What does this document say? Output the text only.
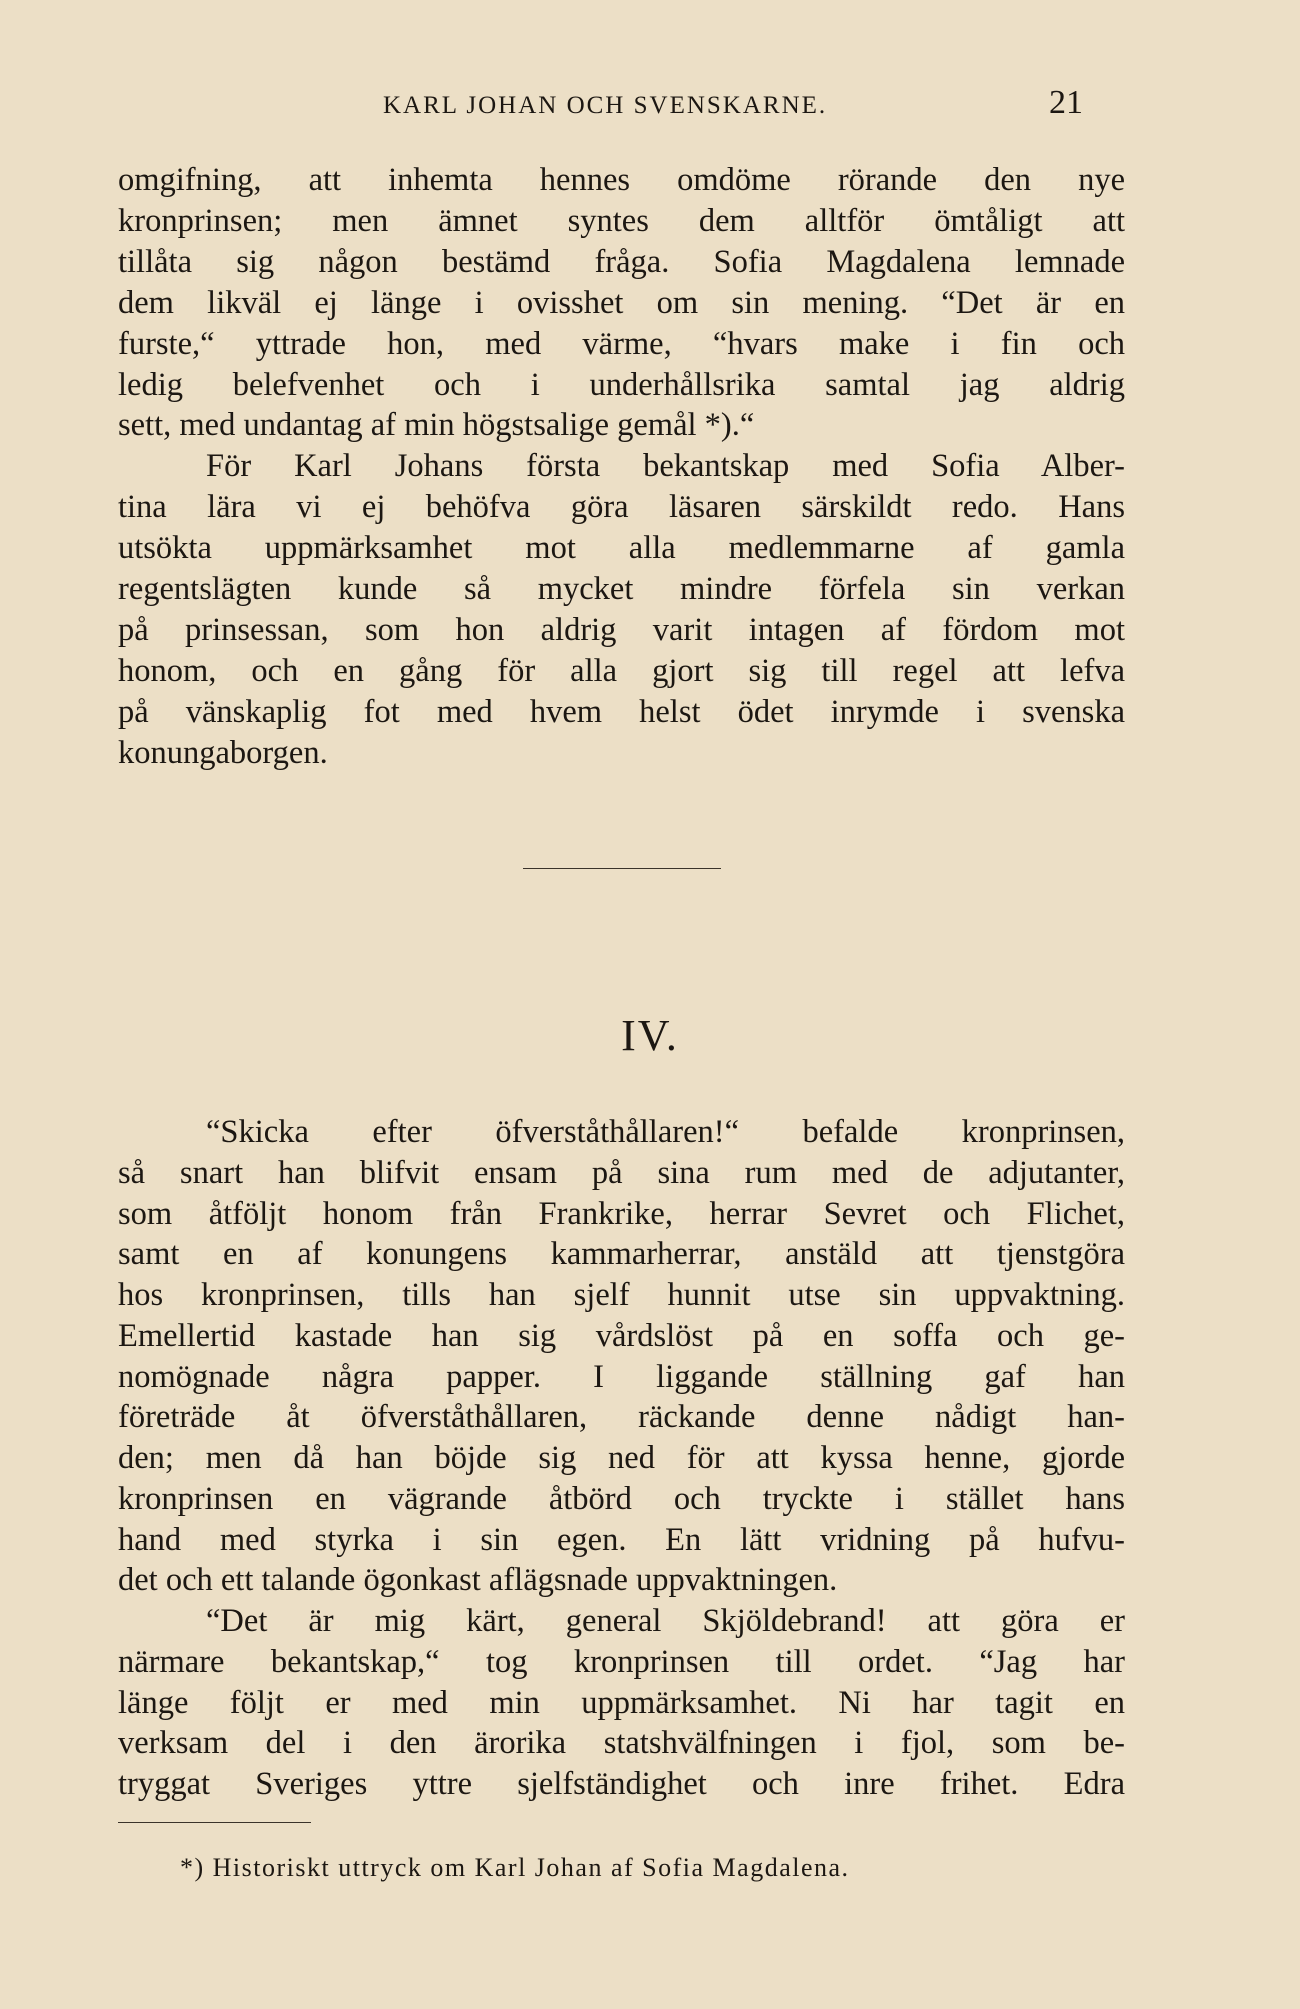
KARL JOHAN OCH SVENSKARNE.	21

omgifning, att inhemta hennes omdöme rörande den nye

kronprinsen; men ämnet syntes dem alltför ömtåligt att

tillåta sig någon bestämd fråga. Sofia Magdalena lemnade

dem likväl ej länge i ovisshet om sin mening. “Det är en

furste,“ yttrade hon, med värme, “hvars make i fin och

ledig belefvenhet och i underhållsrika samtal jag aldrig

sett, med undantag af min högstsalige gemål *).“

För Karl Johans första bekantskap med Sofia Alber-

tina lära vi ej behöfva göra läsaren särskildt redo. Hans

utsökta uppmärksamhet mot alla medlemmarne af gamla

regentslägten kunde så mycket mindre förfela sin verkan

på prinsessan, som hon aldrig varit intagen af fördom mot

honom, och en gång för alla gjort sig till regel att lefva

på vänskaplig fot med hvem helst ödet inrymde i svenska

konungaborgen.

IV.

“Skicka efter öfverståthållaren!“ befalde kronprinsen,

så snart han blifvit ensam på sina rum med de adjutanter,

som åtföljt honom från Frankrike, herrar Sevret och Flichet,

samt en af konungens kammarherrar, anstäld att tjenstgöra

hos kronprinsen, tills han sjelf hunnit utse sin uppvaktning.

Emellertid kastade han sig vårdslöst på en soffa och ge-

nomögnade några papper. I liggande ställning gaf han

företräde åt öfverståthållaren, räckande denne nådigt han-

den; men då han böjde sig ned för att kyssa henne, gjorde

kronprinsen en vägrande åtbörd och tryckte i stället hans

hand med styrka i sin egen. En lätt vridning på hufvu-

det och ett talande ögonkast aflägsnade uppvaktningen.

“Det är mig kärt, general Skjöldebrand! att göra er

närmare bekantskap,“ tog kronprinsen till ordet. “Jag har

länge följt er med min uppmärksamhet. Ni har tagit en

verksam del i den ärorika statshvälfningen i fjol, som be-

tryggat Sveriges yttre sjelfständighet och inre frihet. Edra

*) Historiskt uttryck om Karl Johan af Sofia Magdalena.
